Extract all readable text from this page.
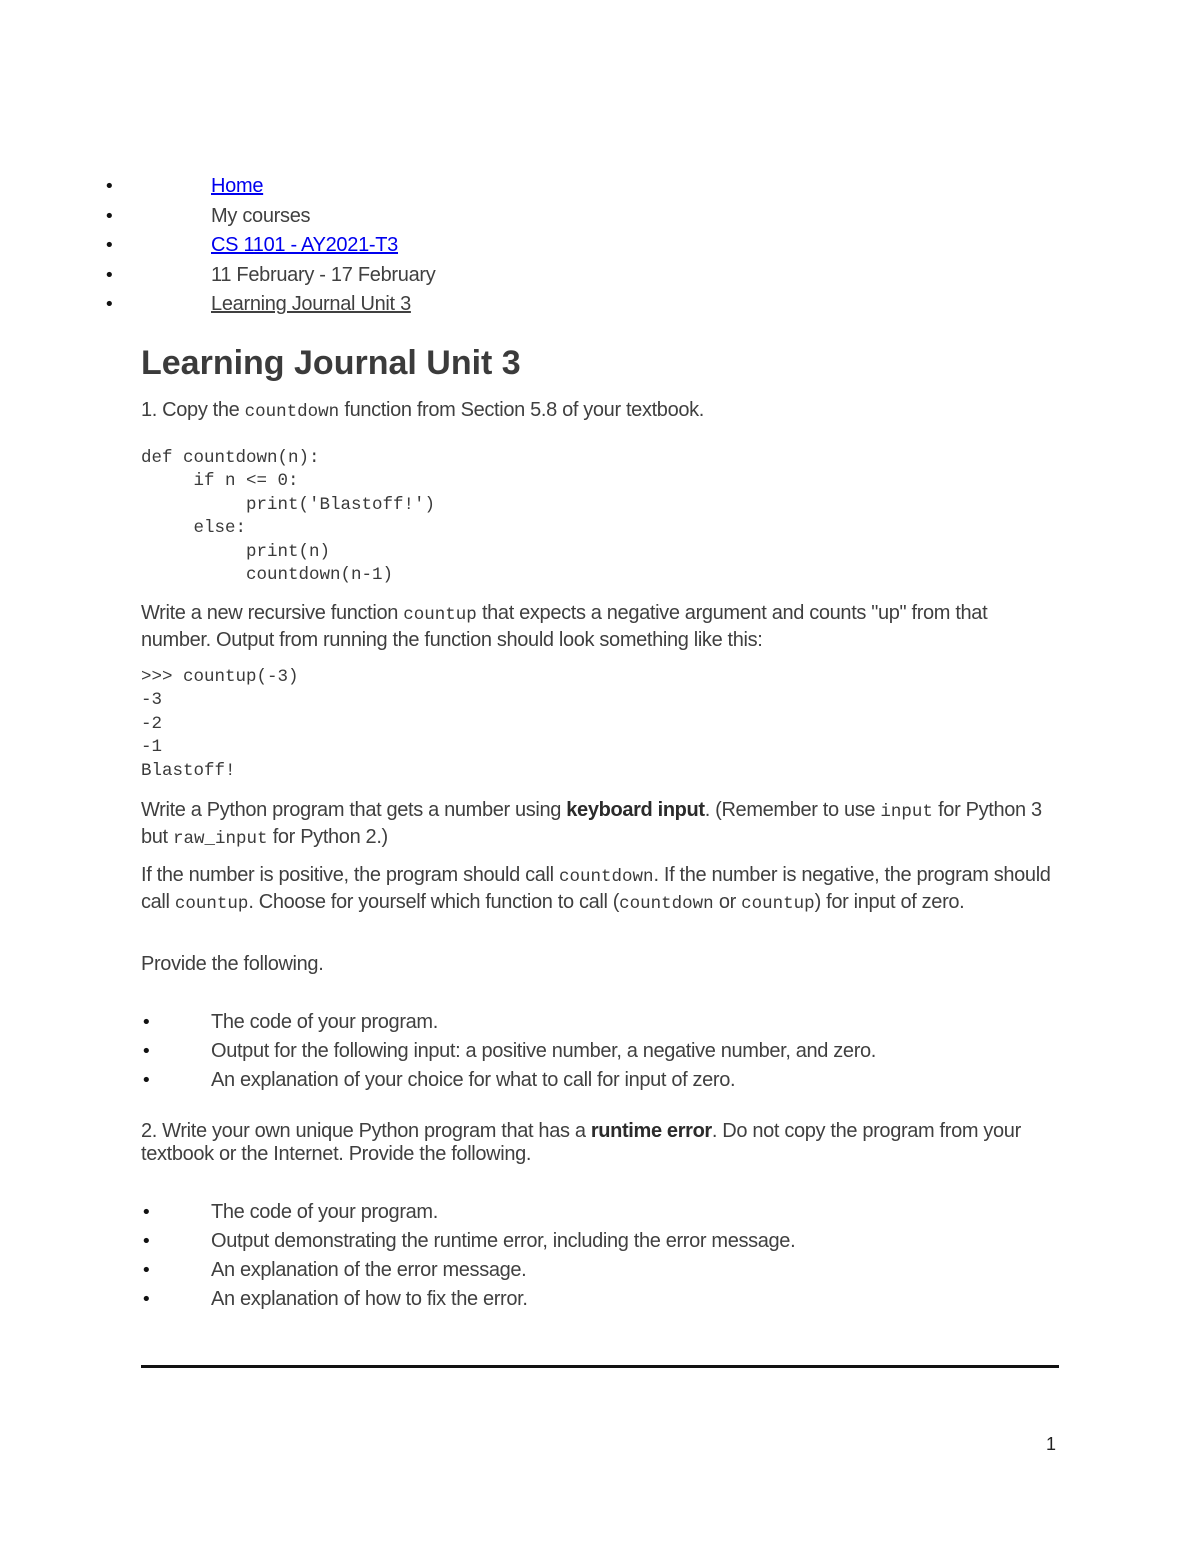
•	Home
•	My courses
•	CS 1101 - AY2021-T3
•	11 February - 17 February
•	Learning Journal Unit 3
Learning Journal Unit 3

1. Copy the countdown function from Section 5.8 of your textbook.

def countdown(n):
if n <= 0:
print('Blastoff!')
else:
print(n)
countdown(n-1)

Write a new recursive function countup that expects a negative argument and counts "up" from that number. Output from running the function should look something like this:

>>> countup(-3)
-3
-2
-1
Blastoff!

Write a Python program that gets a number using keyboard input. (Remember to use input for Python 3 but raw_input for Python 2.)

If the number is positive, the program should call countdown. If the number is negative, the program should call countup. Choose for yourself which function to call (countdown or countup) for input of zero.

Provide the following.

•	The code of your program.
•	Output for the following input: a positive number, a negative number, and zero.
•	An explanation of your choice for what to call for input of zero.

2. Write your own unique Python program that has a runtime error. Do not copy the program from your textbook or the Internet. Provide the following.

•	The code of your program.
•	Output demonstrating the runtime error, including the error message.
•	An explanation of the error message.
•	An explanation of how to fix the error.
1
